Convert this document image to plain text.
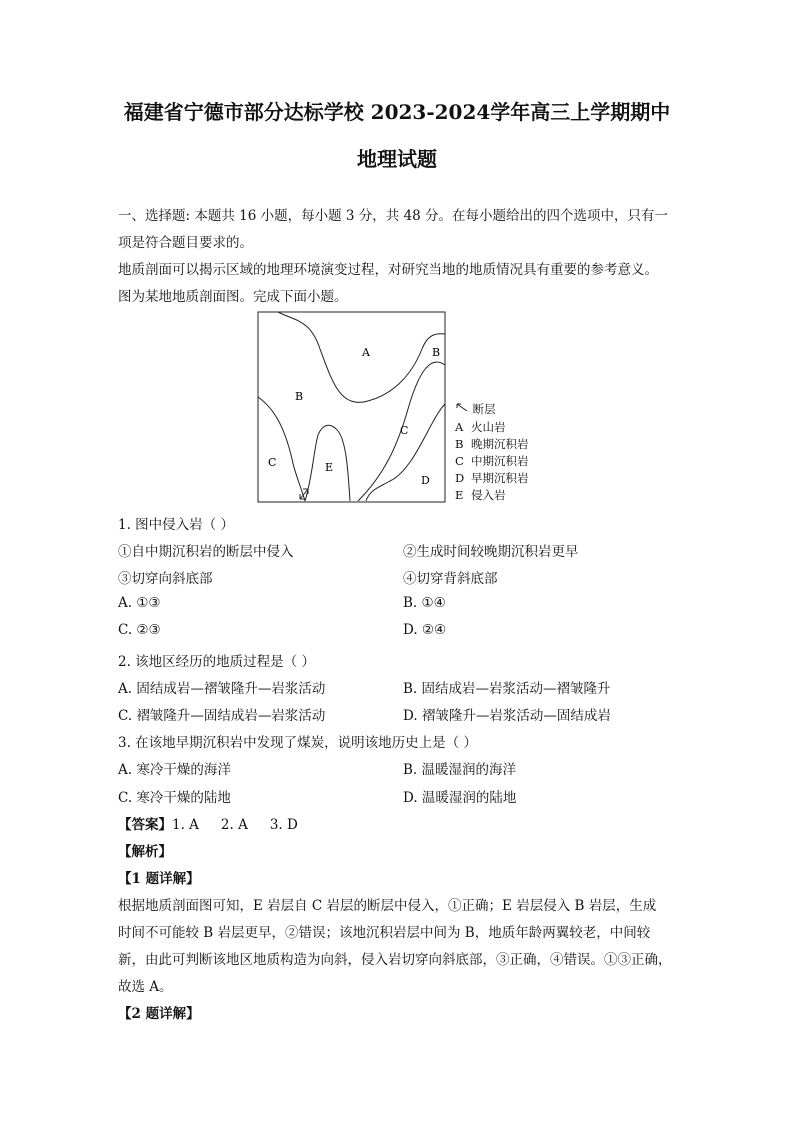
福建省宁德市部分达标学校 2023-2024学年高三上学期期中
地理试题
一、选择题: 本题共 16 小题，每小题 3 分，共 48 分。在每小题给出的四个选项中，只有一
项是符合题目要求的。
地质剖面可以揭示区域的地理环境演变过程，对研究当地的地质情况具有重要的参考意义。
图为某地地质剖面图。完成下面小题。
A	B
B
C
C	E
D
断层
A 火山岩
B 晚期沉积岩
C 中期沉积岩
D 早期沉积岩
E 侵入岩
1. 图中侵入岩（ ）
①自中期沉积岩的断层中侵入	②生成时间较晚期沉积岩更早
③切穿向斜底部	④切穿背斜底部
A. ①③	B. ①④
C. ②③	D. ②④
2. 该地区经历的地质过程是（ ）
A. 固结成岩—褶皱隆升—岩浆活动	B. 固结成岩—岩浆活动—褶皱隆升
C. 褶皱隆升—固结成岩—岩浆活动	D. 褶皱隆升—岩浆活动—固结成岩
3. 在该地早期沉积岩中发现了煤炭，说明该地历史上是（ ）
A. 寒冷干燥的海洋	B. 温暖湿润的海洋
C. 寒冷干燥的陆地	D. 温暖湿润的陆地
【答案】1. A 2. A 3. D
【解析】
【1 题详解】
根据地质剖面图可知，E 岩层自 C 岩层的断层中侵入，①正确；E 岩层侵入 B 岩层，生成
时间不可能较 B 岩层更早，②错误；该地沉积岩层中间为 B，地质年龄两翼较老，中间较
新，由此可判断该地区地质构造为向斜，侵入岩切穿向斜底部，③正确，④错误。①③正确，
故选 A。
【2 题详解】
